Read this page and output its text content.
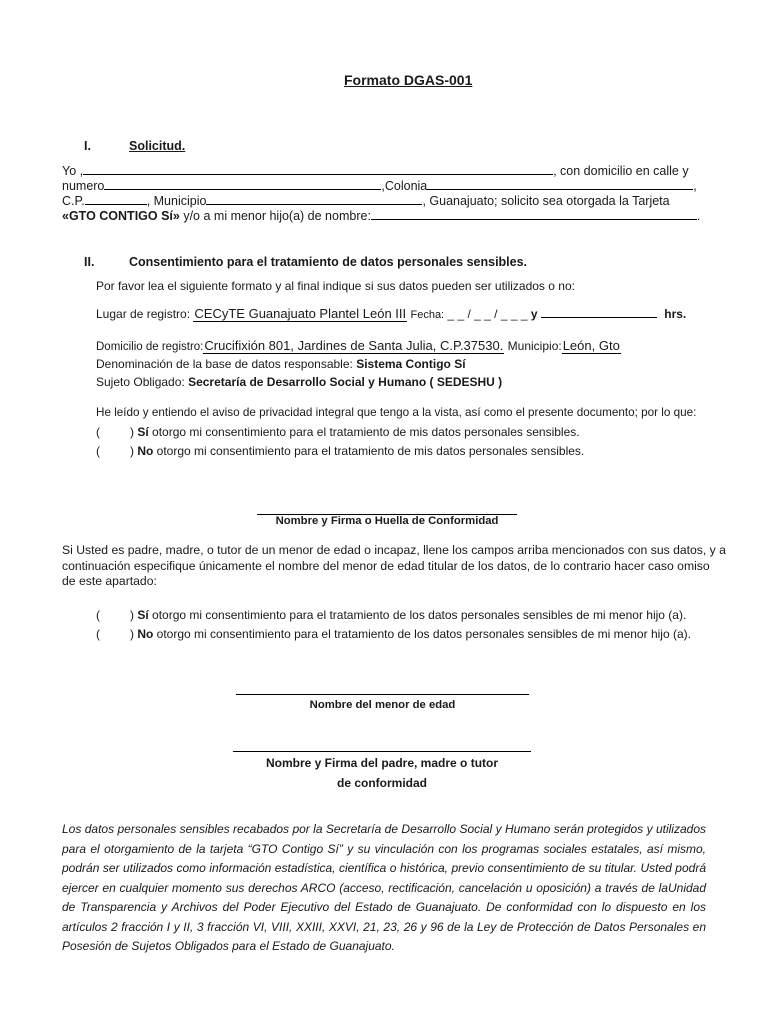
Formato DGAS-001
I.	Solicitud.
Yo ,	, con domicilio en calle y
numero	,Colonia	,
C.P.	, Municipio	, Guanajuato; solicito sea otorgada la Tarjeta
«GTO CONTIGO Sí» y/o a mi menor hijo(a) de nombre:	.
II.	Consentimiento para el tratamiento de datos personales sensibles.
Por favor lea el siguiente formato y al final indique si sus datos pueden ser utilizados o no:
Lugar de registro: CECyTE Guanajuato Plantel León III Fecha: _ _ / _ _ / _ _ _ y	hrs.
Domicilio de registro:Crucifixión 801, Jardines de Santa Julia, C.P.37530. Municipio:León, Gto
Denominación de la base de datos responsable: Sistema Contigo Sí
Sujeto Obligado: Secretaría de Desarrollo Social y Humano ( SEDESHU )
He leído y entiendo el aviso de privacidad integral que tengo a la vista, así como el presente documento; por lo que:
(	) Sí otorgo mi consentimiento para el tratamiento de mis datos personales sensibles.
(	) No otorgo mi consentimiento para el tratamiento de mis datos personales sensibles.
Nombre y Firma o Huella de Conformidad
Si Usted es padre, madre, o tutor de un menor de edad o incapaz, llene los campos arriba mencionados con sus datos, y a
continuación especifique únicamente el nombre del menor de edad titular de los datos, de lo contrario hacer caso omiso
de este apartado:
(	) Sí otorgo mi consentimiento para el tratamiento de los datos personales sensibles de mi menor hijo (a).
(	) No otorgo mi consentimiento para el tratamiento de los datos personales sensibles de mi menor hijo (a).
Nombre del menor de edad
Nombre y Firma del padre, madre o tutor
de conformidad
Los datos personales sensibles recabados por la Secretaría de Desarrollo Social y Humano serán protegidos y utilizados para el otorgamiento de la tarjeta “GTO Contigo Sí” y su vinculación con los programas sociales estatales, así mismo, podrán ser utilizados como información estadística, científica o histórica, previo consentimiento de su titular. Usted podrá ejercer en cualquier momento sus derechos ARCO (acceso, rectificación, cancelación u oposición) a través de laUnidad de Transparencia y Archivos del Poder Ejecutivo del Estado de Guanajuato. De conformidad con lo dispuesto en los artículos 2 fracción I y II, 3 fracción VI, VIII, XXIII, XXVI, 21, 23, 26 y 96 de la Ley de Protección de Datos Personales en Posesión de Sujetos Obligados para el Estado de Guanajuato.
